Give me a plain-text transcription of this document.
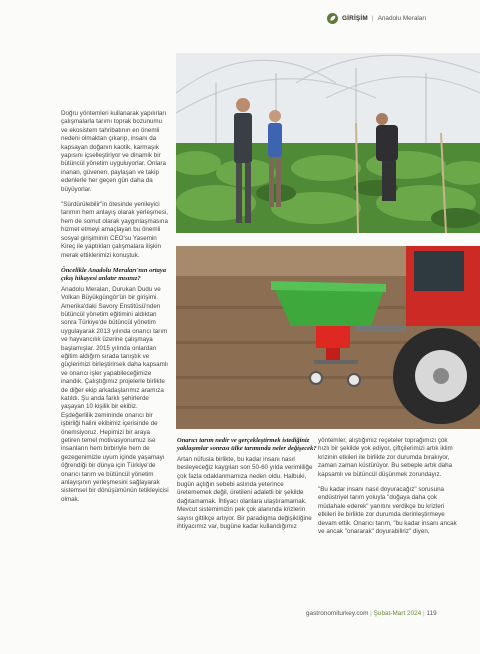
GİRİŞİM | Anadolu Meraları

Doğru yöntemleri kullanarak yapılırları çalışmalarla tarımı toprak bozunumu ve ekosistem tahribatının en önemli nedeni olmaktan çıkarıp, insanı da kapsayan doğanın kaotik, karmaşık yapısını içselleştiriyor ve dinamik bir bütüncül yönetim uyguluyorlar. Onlara inanan, güvenen, paylaşan ve takip edenlerle her geçen gün daha da büyüyorlar.

"Sürdürülebilir"in ötesinde yenileyici tarımın hem anlayış olarak yerleşmesi, hem de somut olarak yaygınlaşmasına hizmet etmeyi amaçlayan bu önemli sosyal girişiminin CEO'su Yasemin Kireç ile yaptıkları çalışmalara ilişkin merak ettiklerimizi konuştuk.

Öncelikle Anadolu Meraları'nın ortaya çıkış hikayesi anlatır mısınız?

Anadolu Meraları, Durukan Dudu ve Volkan Büyükgüngör'ün bir girişimi. Amerika'daki Savory Enstitüsü'nden bütüncül yönetim eğitimini aldıktan sonra Türkiye'de bütüncül yönetim uygulayarak 2013 yılında onarıcı tarım ve hayvancılık üzerine çalışmaya başlamışlar. 2015 yılında onlardan eğitim aldığım sırada tanıştık ve güçlerimizi birleştirirsek daha kapsamlı ve onarıcı işler yapabileceğimize inandık. Çalıştığımız projelerle birlikte de diğer ekip arkadaşlarımız aramıza katıldı. Şu anda farklı şehirlerde yaşayan 10 kişilik bir ekibiz. Eşdeğerlilik zemininde onarıcı bir işbirliği halini ekibimiz içerisinde de önemsiyoruz. Hepimizi bir araya getiren temel motivasyonumuz ise insanların hem birbiriyle hem de gezegenimizle uyum içinde yaşamayı öğrendiği bir dünya için Türkiye'de onarıcı tarım ve bütüncül yönetim anlayışının yerleşmesini sağlayarak sistemsel bir dönüşümünün tetikleyicisi olmak.

Onarıcı tarım nedir ve gerçekleştirmek istediğiniz yaklaşımlar sonrası ülke tarımında neler değişecek?

Artan nüfusla birlikte, bu kadar insanı nasıl besleyeceğiz kaygıları son 50-60 yılda verimliliğe çok fazla odaklanmamıza neden oldu. Halbuki, bugün açlığın sebebi aslında yeterince üretememek değil, üretileni adaletli bir şekilde dağıtamamak. İhtiyacı olanlara ulaştıramamak. Mevcut sistemimizin pek çok alanında krizlerin sayısı gittikçe artıyor. Bir paradigma değişikliğine ihtiyacımız var, bugüne kadar kullandığımız

yöntemler, alıştığımız reçeteler toprağımızı çok hızlı bir şekilde yok ediyor, çiftçilerimizi artık iklim krizinin etkileri ile birlikte zor durumda bırakıyor, zaman zaman küstürüyor. Bu sebeple artık daha kapsamlı ve bütüncül düşünmek zorundayız.

"Bu kadar insanı nasıl doyuracağız" sorusuna endüstriyel tarım yoluyla "doğaya daha çok müdahale ederek" yanıtını verdikçe bu krizleri etkileri ile birlikte zor durumda derinleştirmeye devam ettik. Onarıcı tarım, "bu kadar insanı ancak ve ancak "onararak" doyurabiliriz" diyen,

gastronomiturkey.com | Şubat-Mart 2024 | 119
